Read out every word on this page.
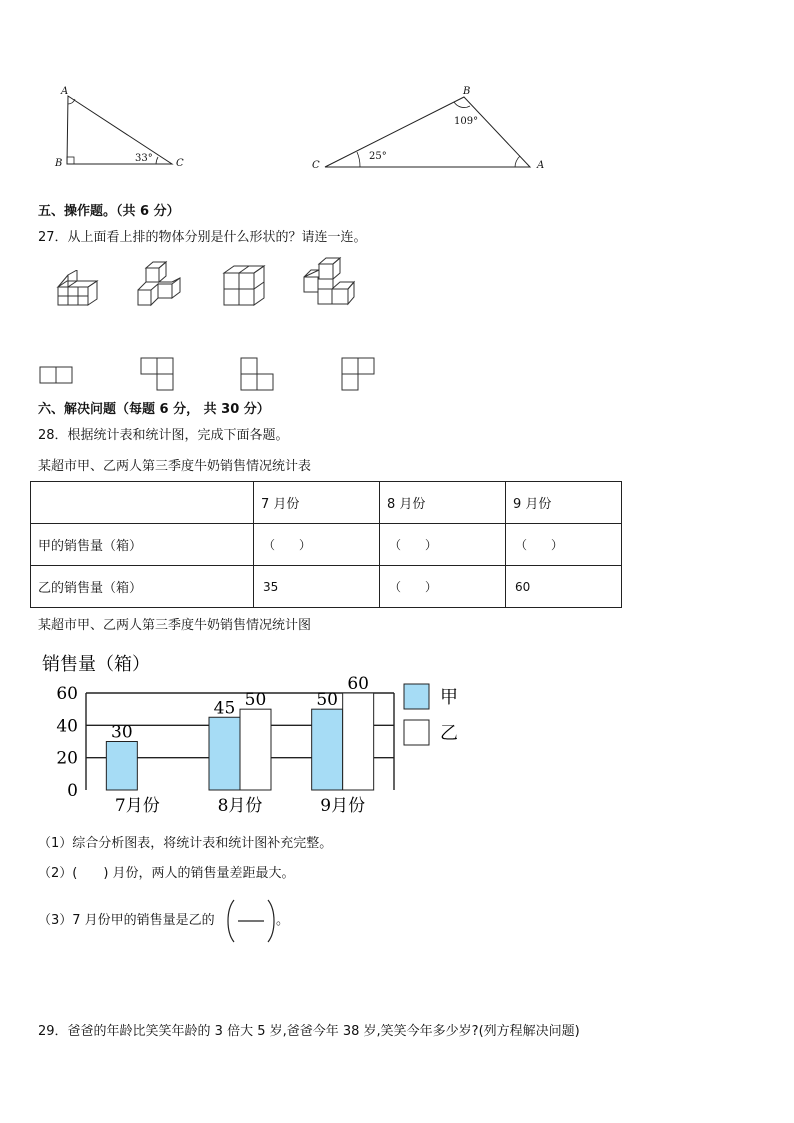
A
B	C
33°
B
C	A
109°
25°
五、操作题。（共 6 分）
27．从上面看上排的物体分别是什么形状的？请连一连。
六、解决问题（每题 6 分， 共 30 分）
28．根据统计表和统计图，完成下面各题。
某超市甲、乙两人第三季度牛奶销售情况统计表
	7 月份	8 月份	9 月份
甲的销售量（箱）	（　　）	（　　）	（　　）
乙的销售量（箱）	35	（　　）	60
某超市甲、乙两人第三季度牛奶销售情况统计图
销售量（箱）
0
20
40
60
30
7月份
45 50
8月份
50
60
9月份
甲
乙
（1）综合分析图表，将统计表和统计图补充完整。
（2）(　　) 月份，两人的销售量差距最大。
（3）7 月份甲的销售量是乙的	。
29．爸爸的年龄比笑笑年龄的 3 倍大 5 岁,爸爸今年 38 岁,笑笑今年多少岁?(列方程解决问题)
